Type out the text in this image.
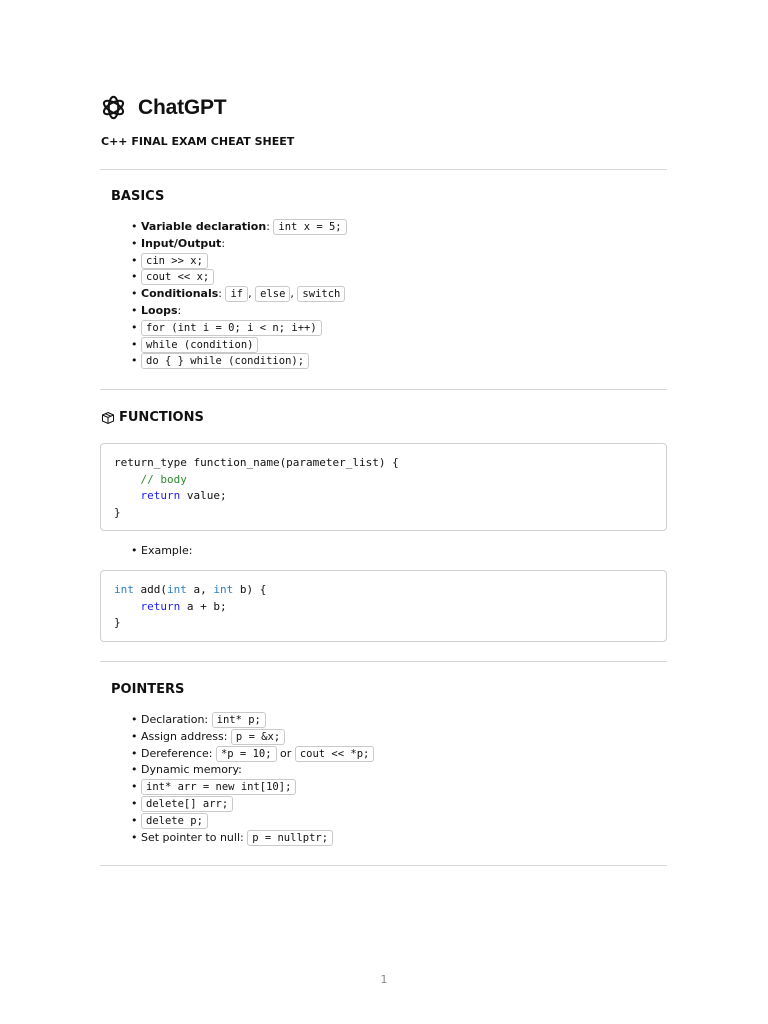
ChatGPT
C++ FINAL EXAM CHEAT SHEET
BASICS
• Variable declaration: int x = 5;
• Input/Output:
• cin >> x;
• cout << x;
• Conditionals: if , else , switch
• Loops:
• for (int i = 0; i < n; i++)
• while (condition)
• do { } while (condition);
FUNCTIONS
return_type function_name(parameter_list) {
// body
return value;
}
• Example:
int add(int a, int b) {
return a + b;
}
POINTERS
• Declaration: int* p;
• Assign address: p = &x;
• Dereference: *p = 10; or cout << *p;
• Dynamic memory:
• int* arr = new int[10];
• delete[] arr;
• delete p;
• Set pointer to null: p = nullptr;
1
